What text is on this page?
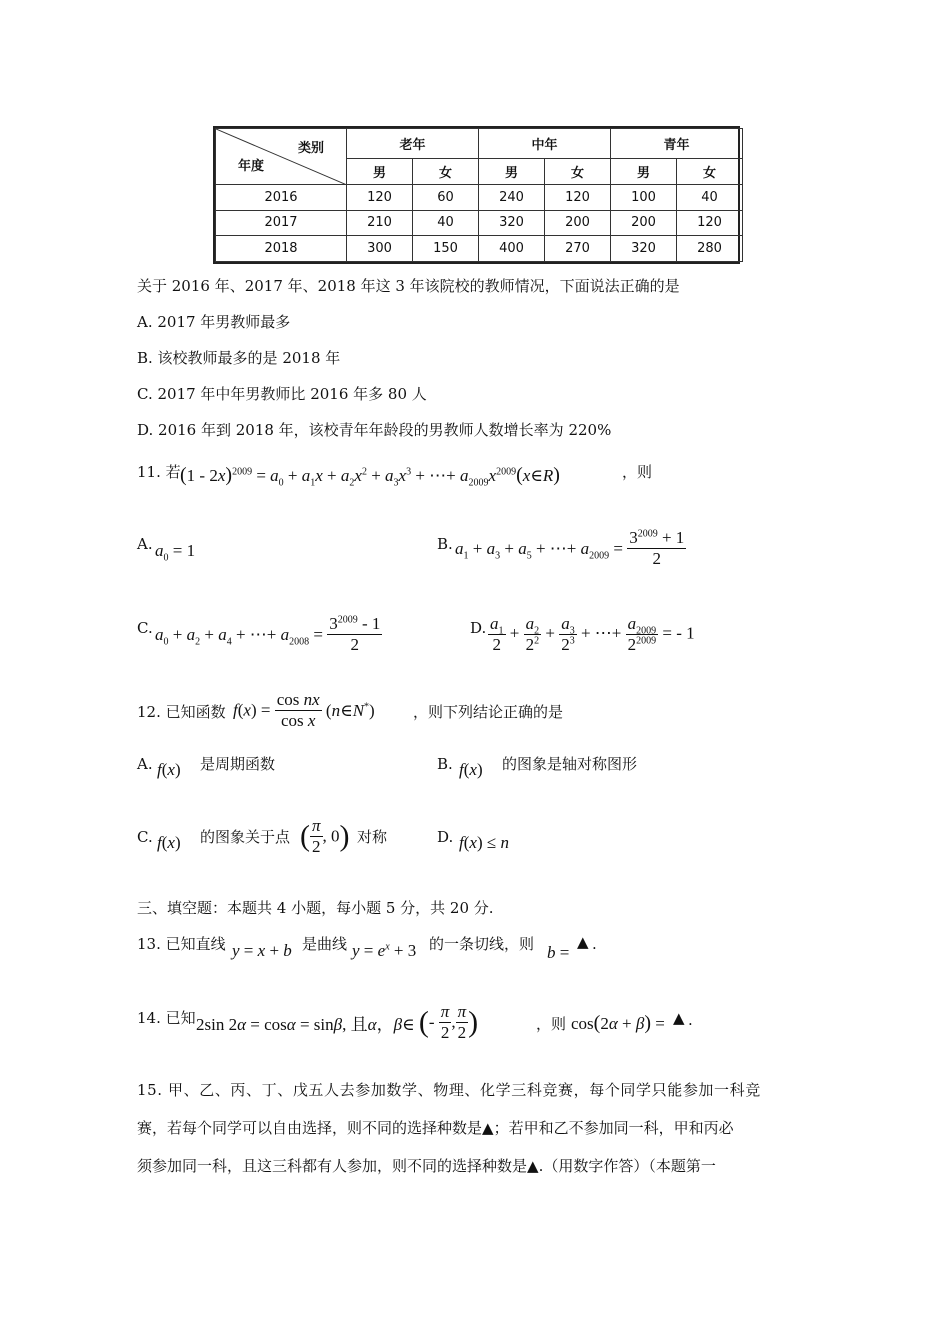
类别
年度	老年		中年		青年	
	男	女	男	女	男	女
2016	120	60	240	120	100	40
2017	210	40	320	200	200	120
2018	300	150	400	270	320	280
关于 2016 年、2017 年、2018 年这 3 年该院校的教师情况，下面说法正确的是
A. 2017 年男教师最多
B. 该校教师最多的是 2018 年
C. 2017 年中年男教师比 2016 年多 80 人
D. 2016 年到 2018 年，该校青年年龄段的男教师人数增长率为 220%
11. 若 $(1 - 2x)^{2009} = a_0 + a_1x + a_2x^2 + a_3x^3$ + ⋯+ $a_{2009}x^{2009}(x\in R)$	，则
A. $a_0 = 1$	B. $a_1 + a_3 + a_5$ + ⋯+ $a_{2009} = \frac{3^{2009} + 1}{2}$
C. $a_0 + a_2 + a_4$ + ⋯+ $a_{2008} = \frac{3^{2009} - 1}{2}$	D. $\frac{a_1}{2} + \frac{a_2}{2^2} + \frac{a_3}{2^3}$ + ⋯+ $\frac{a_{2009}}{2^{2009}}$ = - 1
12. 已知函数 $f(x) = \frac{\text{cos nx}}{\text{cos x}}$ (n∈N*)	，则下列结论正确的是
A. f(x) 是周期函数	B. f(x) 的图象是轴对称图形
C. f(x) 的图象关于点 ( $\frac{\pi}{2}$ , 0) 对称	D. f(x) ≤ n
三、填空题：本题共 4 小题，每小题 5 分，共 20 分.
13. 已知直线 y = x + b 是曲线 $y = e^x + 3$ 的一条切线，则 b =
▲ .
14. 已知 2sin 2α = cosα = sinβ, 且α，β∈ (- $\frac{\pi}{2}$ , $\frac{\pi}{2}$ )	，则 cos(2α + β) = ▲ .
15. 甲、乙、丙、丁、戊五人去参加数学、物理、化学三科竞赛，每个同学只能参加一科竞
赛，若每个同学可以自由选择，则不同的选择种数是▲；若甲和乙不参加同一科，甲和丙必
须参加同一科，且这三科都有人参加，则不同的选择种数是▲.（用数字作答）（本题第一
